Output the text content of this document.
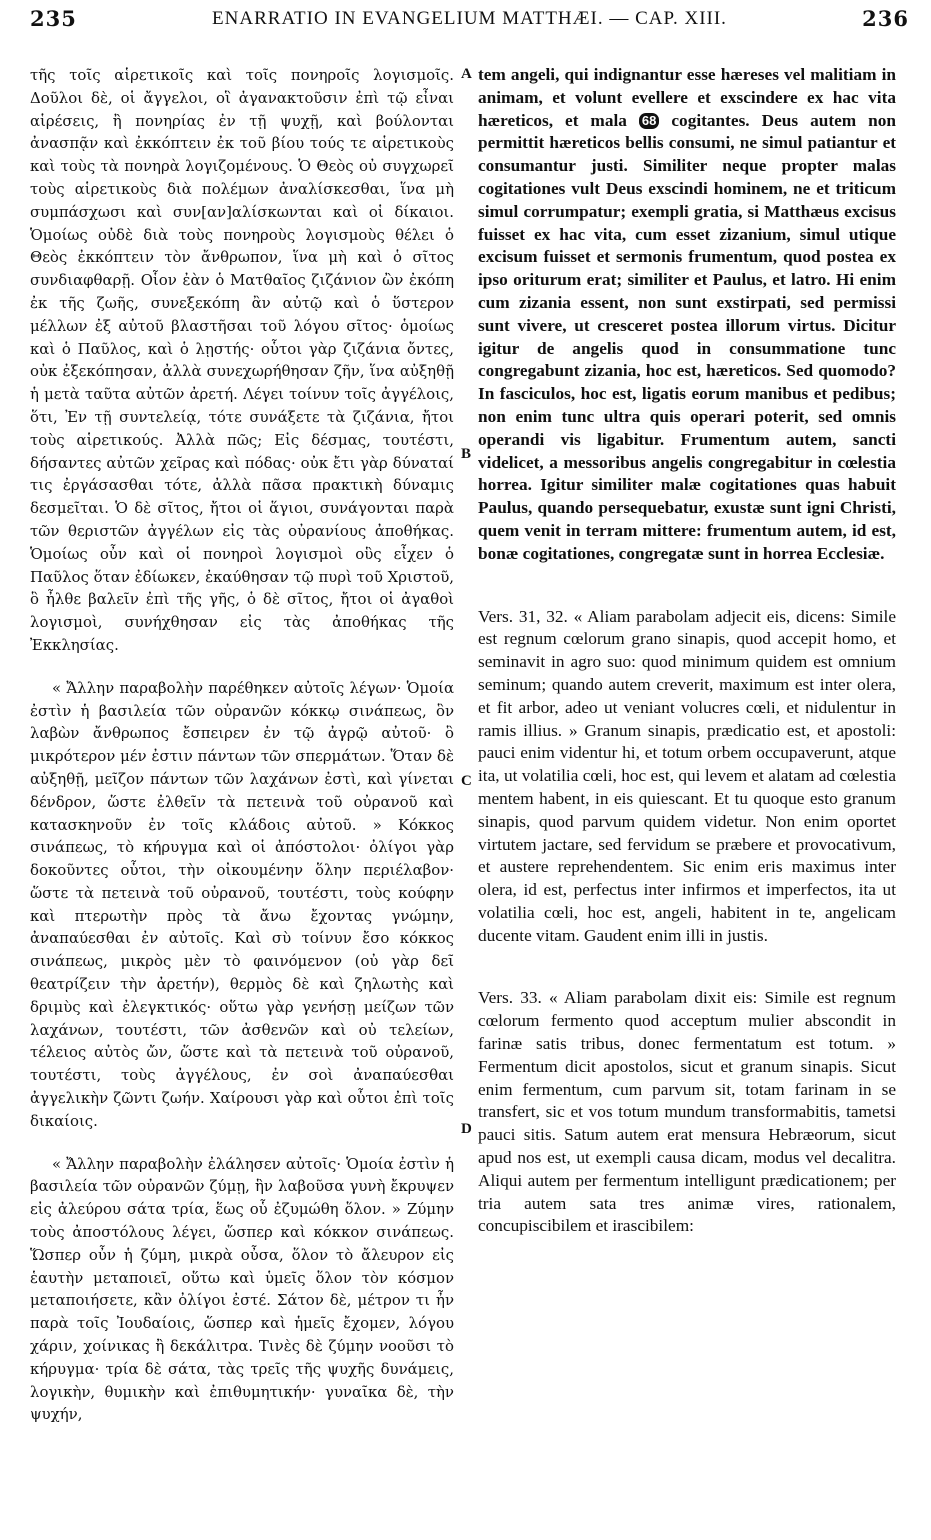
235	ENARRATIO IN EVANGELIUM MATTHÆI. — CAP. XIII.	236

τῆς τοῖς αἱρετικοῖς καὶ τοῖς πονηροῖς λογισμοῖς. Δοῦλοι δὲ, οἱ ἄγγελοι, οἳ ἀγανακτοῦσιν ἐπὶ τῷ εἶναι αἱρέσεις, ἢ πονηρίας ἐν τῇ ψυχῇ, καὶ βούλονται ἀνασπᾷν καὶ ἐκκόπτειν ἐκ τοῦ βίου τούς τε αἱρετικοὺς καὶ τοὺς τὰ πονηρὰ λογιζομένους. Ὁ Θεὸς οὐ συγχωρεῖ τοὺς αἱρετικοὺς διὰ πολέμων ἀναλίσκεσθαι, ἵνα μὴ συμπάσχωσι καὶ συν[αν]αλίσκωνται καὶ οἱ δίκαιοι. Ὁμοίως οὐδὲ διὰ τοὺς πονηροὺς λογισμοὺς θέλει ὁ Θεὸς ἐκκόπτειν τὸν ἄνθρωπον, ἵνα μὴ καὶ ὁ σῖτος συνδιαφθαρῇ. Οἷον ἐὰν ὁ Ματθαῖος ζιζάνιον ὢν ἐκόπη ἐκ τῆς ζωῆς, συνεξεκόπη ἂν αὐτῷ καὶ ὁ ὕστερον μέλλων ἐξ αὐτοῦ βλαστῆσαι τοῦ λόγου σῖτος· ὁμοίως καὶ ὁ Παῦλος, καὶ ὁ λῃστής· οὗτοι γὰρ ζιζάνια ὄντες, οὐκ ἐξεκόπησαν, ἀλλὰ συνεχωρήθησαν ζῆν, ἵνα αὐξηθῇ ἡ μετὰ ταῦτα αὐτῶν ἀρετή. Λέγει τοίνυν τοῖς ἀγγέλοις, ὅτι, Ἐν τῇ συντελείᾳ, τότε συνάξετε τὰ ζιζάνια, ἤτοι τοὺς αἱρετικούς. Ἀλλὰ πῶς; Εἰς δέσμας, τουτέστι, δήσαντες αὐτῶν χεῖρας καὶ πόδας· οὐκ ἔτι γὰρ δύναταί τις ἐργάσασθαι τότε, ἀλλὰ πᾶσα πρακτικὴ δύναμις δεσμεῖται. Ὁ δὲ σῖτος, ἤτοι οἱ ἅγιοι, συνάγονται παρὰ τῶν θεριστῶν ἀγγέλων εἰς τὰς οὐρανίους ἀποθήκας. Ὁμοίως οὖν καὶ οἱ πονηροὶ λογισμοὶ οὓς εἶχεν ὁ Παῦλος ὅταν ἐδίωκεν, ἐκαύθησαν τῷ πυρὶ τοῦ Χριστοῦ, ὃ ἦλθε βαλεῖν ἐπὶ τῆς γῆς, ὁ δὲ σῖτος, ἤτοι οἱ ἀγαθοὶ λογισμοὶ, συνήχθησαν εἰς τὰς ἀποθήκας τῆς Ἐκκλησίας.

« Ἄλλην παραβολὴν παρέθηκεν αὐτοῖς λέγων· Ὁμοία ἐστὶν ἡ βασιλεία τῶν οὐρανῶν κόκκῳ σινάπεως, ὃν λαβὼν ἄνθρωπος ἔσπειρεν ἐν τῷ ἀγρῷ αὐτοῦ· ὃ μικρότερον μέν ἐστιν πάντων τῶν σπερμάτων. Ὅταν δὲ αὐξηθῇ, μεῖζον πάντων τῶν λαχάνων ἐστὶ, καὶ γίνεται δένδρον, ὥστε ἐλθεῖν τὰ πετεινὰ τοῦ οὐρανοῦ καὶ κατασκηνοῦν ἐν τοῖς κλάδοις αὐτοῦ. » Κόκκος σινάπεως, τὸ κήρυγμα καὶ οἱ ἀπόστολοι· ὀλίγοι γὰρ δοκοῦντες οὗτοι, τὴν οἰκουμένην ὅλην περιέλαβον· ὥστε τὰ πετεινὰ τοῦ οὐρανοῦ, τουτέστι, τοὺς κούφην καὶ πτερωτὴν πρὸς τὰ ἄνω ἔχοντας γνώμην, ἀναπαύεσθαι ἐν αὐτοῖς. Καὶ σὺ τοίνυν ἔσο κόκκος σινάπεως, μικρὸς μὲν τὸ φαινόμενον (οὐ γὰρ δεῖ θεατρίζειν τὴν ἀρετήν), θερμὸς δὲ καὶ ζηλωτὴς καὶ δριμὺς καὶ ἐλεγκτικός· οὕτω γὰρ γενήσῃ μείζων τῶν λαχάνων, τουτέστι, τῶν ἀσθενῶν καὶ οὐ τελείων, τέλειος αὐτὸς ὤν, ὥστε καὶ τὰ πετεινὰ τοῦ οὐρανοῦ, τουτέστι, τοὺς ἀγγέλους, ἐν σοὶ ἀναπαύεσθαι ἀγγελικὴν ζῶντι ζωήν. Χαίρουσι γὰρ καὶ οὗτοι ἐπὶ τοῖς δικαίοις.

« Ἄλλην παραβολὴν ἐλάλησεν αὐτοῖς· Ὁμοία ἐστὶν ἡ βασιλεία τῶν οὐρανῶν ζύμῃ, ἣν λαβοῦσα γυνὴ ἔκρυψεν εἰς ἀλεύρου σάτα τρία, ἕως οὗ ἐζυμώθη ὅλον. » Ζύμην τοὺς ἀποστόλους λέγει, ὥσπερ καὶ κόκκον σινάπεως. Ὥσπερ οὖν ἡ ζύμη, μικρὰ οὖσα, ὅλον τὸ ἄλευρον εἰς ἑαυτὴν μεταποιεῖ, οὕτω καὶ ὑμεῖς ὅλον τὸν κόσμον μεταποιήσετε, κἂν ὀλίγοι ἐστέ. Σάτον δὲ, μέτρον τι ἦν παρὰ τοῖς Ἰουδαίοις, ὥσπερ καὶ ἡμεῖς ἔχομεν, λόγου χάριν, χοίνικας ἢ δεκάλιτρα. Τινὲς δὲ ζύμην νοοῦσι τὸ κήρυγμα· τρία δὲ σάτα, τὰς τρεῖς τῆς ψυχῆς δυνάμεις, λογικὴν, θυμικὴν καὶ ἐπιθυμητικήν· γυναῖκα δὲ, τὴν ψυχήν,

A
B
C
D

tem angeli, qui indignantur esse hæreses vel malitiam in animam, et volunt evellere et exscindere ex hac vita hæreticos, et mala 68 cogitantes. Deus autem non permittit hæreticos bellis consumi, ne simul patiantur et consumantur justi. Similiter neque propter malas cogitationes vult Deus exscindi hominem, ne et triticum simul corrumpatur; exempli gratia, si Matthæus excisus fuisset ex hac vita, cum esset zizanium, simul utique excisum fuisset et sermonis frumentum, quod postea ex ipso oriturum erat; similiter et Paulus, et latro. Hi enim cum zizania essent, non sunt exstirpati, sed permissi sunt vivere, ut cresceret postea illorum virtus. Dicitur igitur de angelis quod in consummatione tunc congregabunt zizania, hoc est, hæreticos. Sed quomodo? In fasciculos, hoc est, ligatis eorum manibus et pedibus; non enim tunc ultra quis operari poterit, sed omnis operandi vis ligabitur. Frumentum autem, sancti videlicet, a messoribus angelis congregabitur in cœlestia horrea. Igitur similiter malæ cogitationes quas habuit Paulus, quando persequebatur, exustæ sunt igni Christi, quem venit in terram mittere: frumentum autem, id est, bonæ cogitationes, congregatæ sunt in horrea Ecclesiæ.

Vers. 31, 32. « Aliam parabolam adjecit eis, dicens: Simile est regnum cœlorum grano sinapis, quod accepit homo, et seminavit in agro suo: quod minimum quidem est omnium seminum; quando autem creverit, maximum est inter olera, et fit arbor, adeo ut veniant volucres cœli, et nidulentur in ramis illius. » Granum sinapis, prædicatio est, et apostoli: pauci enim videntur hi, et totum orbem occupaverunt, atque ita, ut volatilia cœli, hoc est, qui levem et alatam ad cœlestia mentem habent, in eis quiescant. Et tu quoque esto granum sinapis, quod parvum quidem videtur. Non enim oportet virtutem jactare, sed fervidum se præbere et provocativum, et austere reprehendentem. Sic enim eris maximus inter olera, id est, perfectus inter infirmos et imperfectos, ita ut volatilia cœli, hoc est, angeli, habitent in te, angelicam ducente vitam. Gaudent enim illi in justis.

Vers. 33. « Aliam parabolam dixit eis: Simile est regnum cœlorum fermento quod acceptum mulier abscondit in farinæ satis tribus, donec fermentatum est totum. » Fermentum dicit apostolos, sicut et granum sinapis. Sicut enim fermentum, cum parvum sit, totam farinam in se transfert, sic et vos totum mundum transformabitis, tametsi pauci sitis. Satum autem erat mensura Hebræorum, sicut apud nos est, ut exempli causa dicam, modus vel decalitra. Aliqui autem per fermentum intelligunt prædicationem; per tria autem sata tres animæ vires, rationalem, concupiscibilem et irascibilem:
